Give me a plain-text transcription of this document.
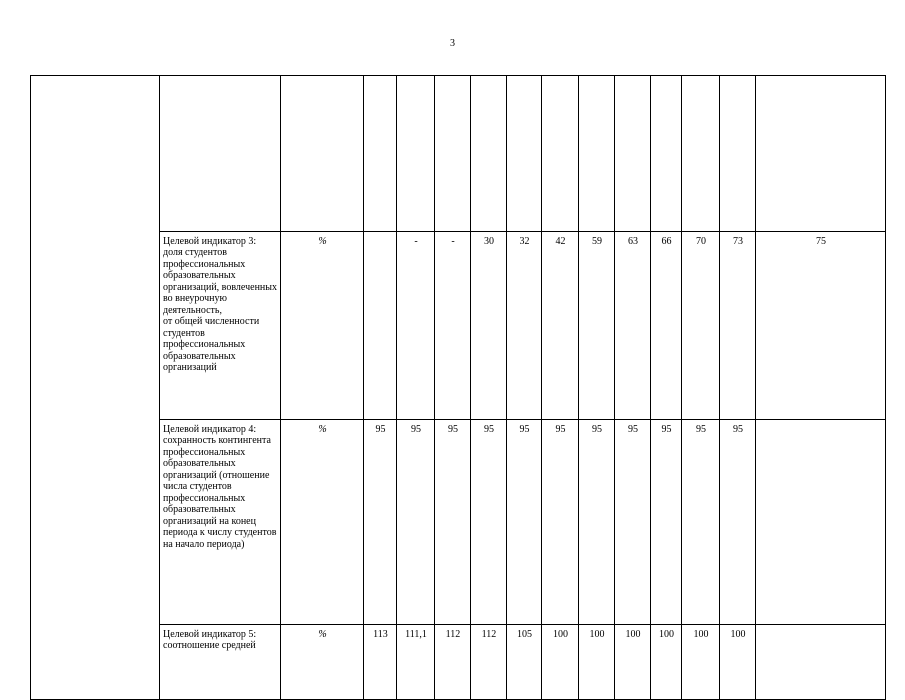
3

	Целевой индикатор 3:
доля студентов профессиональных образовательных организаций, вовлеченных
во внеурочную деятельность,
от общей численности студентов профессиональных образовательных организаций	%		-	-	30	32	42	59	63	66	70	73	75	
	Целевой индикатор 4:
сохранность контингента профессиональных образовательных организаций (отношение числа студентов профессиональных образовательных организаций на конец периода к числу студентов на начало периода)	%	95	95	95	95	95	95	95	95	95	95	95		
	Целевой индикатор 5:
соотношение средней	%	113	111,1	112	112	105	100	100	100	100	100	100		
